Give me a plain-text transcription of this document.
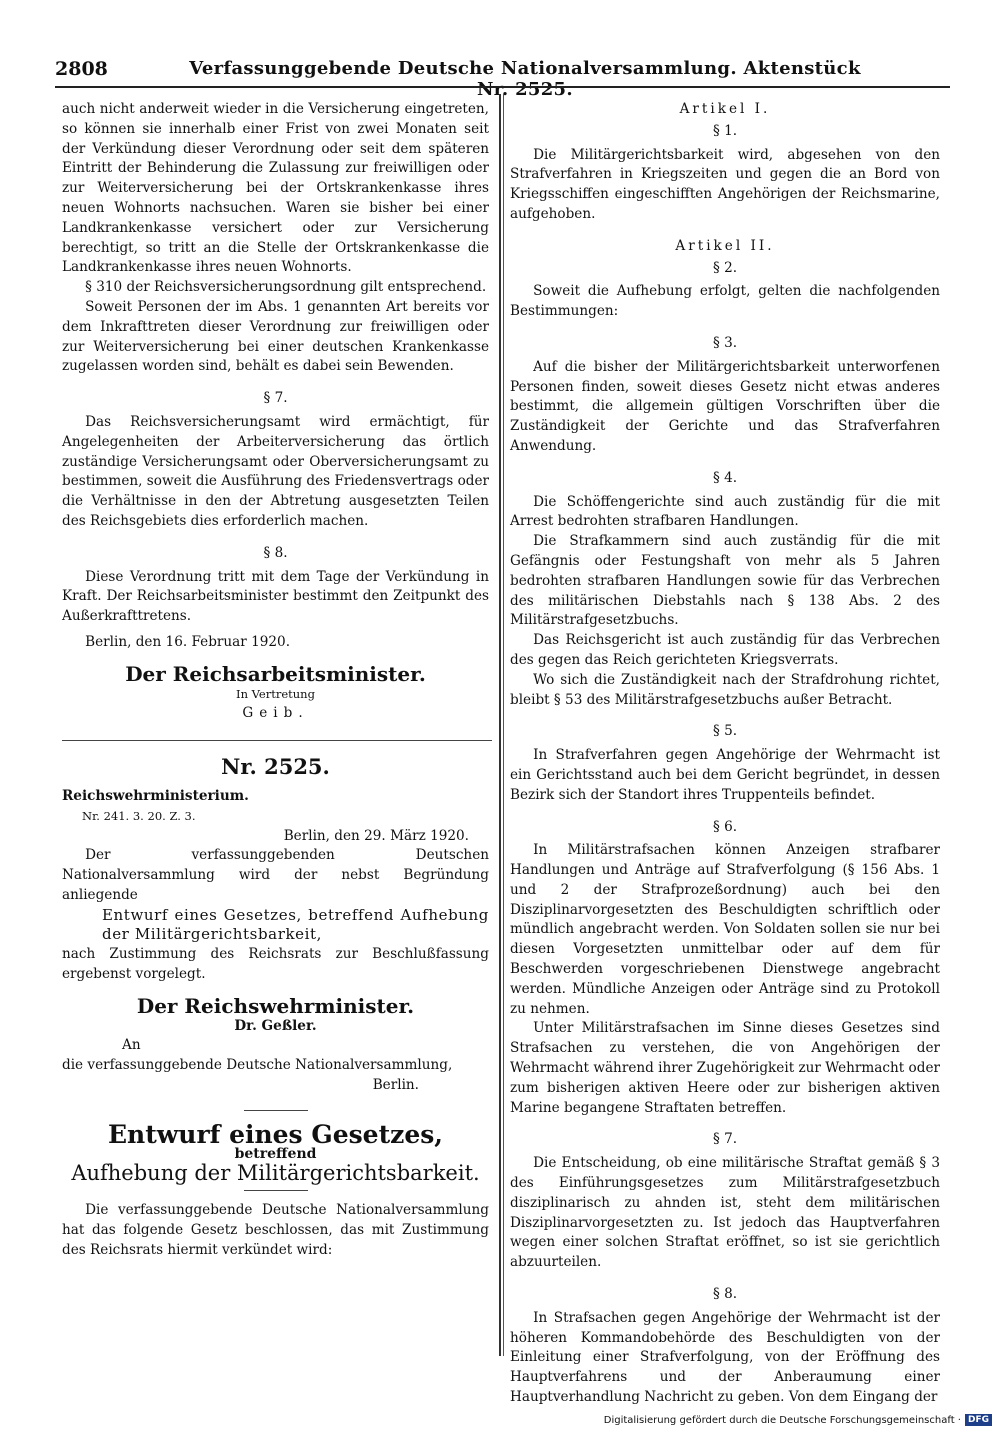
2808	Verfassunggebende Deutsche Nationalversammlung. Aktenstück Nr. 2525.

auch nicht anderweit wieder in die Versicherung eingetreten, so können sie innerhalb einer Frist von zwei Monaten seit der Verkündung dieser Verordnung oder seit dem späteren Eintritt der Behinderung die Zulassung zur freiwilligen oder zur Weiterversicherung bei der Ortskrankenkasse ihres neuen Wohnorts nachsuchen. Waren sie bisher bei einer Landkrankenkasse versichert oder zur Versicherung berechtigt, so tritt an die Stelle der Ortskrankenkasse die Landkrankenkasse ihres neuen Wohnorts.

§ 310 der Reichsversicherungsordnung gilt entsprechend.

Soweit Personen der im Abs. 1 genannten Art bereits vor dem Inkrafttreten dieser Verordnung zur freiwilligen oder zur Weiterversicherung bei einer deutschen Krankenkasse zugelassen worden sind, behält es dabei sein Bewenden.

§ 7.

Das Reichsversicherungsamt wird ermächtigt, für Angelegenheiten der Arbeiterversicherung das örtlich zuständige Versicherungsamt oder Oberversicherungsamt zu bestimmen, soweit die Ausführung des Friedensvertrags oder die Verhältnisse in den der Abtretung ausgesetzten Teilen des Reichsgebiets dies erforderlich machen.

§ 8.

Diese Verordnung tritt mit dem Tage der Verkündung in Kraft. Der Reichsarbeitsminister bestimmt den Zeitpunkt des Außerkrafttretens.

Berlin, den 16. Februar 1920.

Der Reichsarbeitsminister.
In Vertretung
Geib.
Nr. 2525.
Reichswehrministerium.
Nr. 241. 3. 20. Z. 3.
Berlin, den 29. März 1920.

Der verfassunggebenden Deutschen Nationalversammlung wird der nebst Begründung anliegende

Entwurf eines Gesetzes, betreffend Aufhebung der Militärgerichtsbarkeit,

nach Zustimmung des Reichsrats zur Beschlußfassung ergebenst vorgelegt.

Der Reichswehrminister.
Dr. Geßler.
An
die verfassunggebende Deutsche Nationalversammlung,
Berlin.
Entwurf eines Gesetzes,
betreffend
Aufhebung der Militärgerichtsbarkeit.

Die verfassunggebende Deutsche Nationalversammlung hat das folgende Gesetz beschlossen, das mit Zustimmung des Reichsrats hiermit verkündet wird:

Artikel I.
§ 1.

Die Militärgerichtsbarkeit wird, abgesehen von den Strafverfahren in Kriegszeiten und gegen die an Bord von Kriegsschiffen eingeschifften Angehörigen der Reichsmarine, aufgehoben.

Artikel II.
§ 2.

Soweit die Aufhebung erfolgt, gelten die nachfolgenden Bestimmungen:

§ 3.

Auf die bisher der Militärgerichtsbarkeit unterworfenen Personen finden, soweit dieses Gesetz nicht etwas anderes bestimmt, die allgemein gültigen Vorschriften über die Zuständigkeit der Gerichte und das Strafverfahren Anwendung.

§ 4.

Die Schöffengerichte sind auch zuständig für die mit Arrest bedrohten strafbaren Handlungen.

Die Strafkammern sind auch zuständig für die mit Gefängnis oder Festungshaft von mehr als 5 Jahren bedrohten strafbaren Handlungen sowie für das Verbrechen des militärischen Diebstahls nach § 138 Abs. 2 des Militärstrafgesetzbuchs.

Das Reichsgericht ist auch zuständig für das Verbrechen des gegen das Reich gerichteten Kriegsverrats.

Wo sich die Zuständigkeit nach der Strafdrohung richtet, bleibt § 53 des Militärstrafgesetzbuchs außer Betracht.

§ 5.

In Strafverfahren gegen Angehörige der Wehrmacht ist ein Gerichtsstand auch bei dem Gericht begründet, in dessen Bezirk sich der Standort ihres Truppenteils befindet.

§ 6.

In Militärstrafsachen können Anzeigen strafbarer Handlungen und Anträge auf Strafverfolgung (§ 156 Abs. 1 und 2 der Strafprozeßordnung) auch bei den Disziplinarvorgesetzten des Beschuldigten schriftlich oder mündlich angebracht werden. Von Soldaten sollen sie nur bei diesen Vorgesetzten unmittelbar oder auf dem für Beschwerden vorgeschriebenen Dienstwege angebracht werden. Mündliche Anzeigen oder Anträge sind zu Protokoll zu nehmen.

Unter Militärstrafsachen im Sinne dieses Gesetzes sind Strafsachen zu verstehen, die von Angehörigen der Wehrmacht während ihrer Zugehörigkeit zur Wehrmacht oder zum bisherigen aktiven Heere oder zur bisherigen aktiven Marine begangene Straftaten betreffen.

§ 7.

Die Entscheidung, ob eine militärische Straftat gemäß § 3 des Einführungsgesetzes zum Militärstrafgesetzbuch disziplinarisch zu ahnden ist, steht dem militärischen Disziplinarvorgesetzten zu. Ist jedoch das Hauptverfahren wegen einer solchen Straftat eröffnet, so ist sie gerichtlich abzuurteilen.

§ 8.

In Strafsachen gegen Angehörige der Wehrmacht ist der höheren Kommandobehörde des Beschuldigten von der Einleitung einer Strafverfolgung, von der Eröffnung des Hauptverfahrens und der Anberaumung einer Hauptverhandlung Nachricht zu geben. Von dem Eingang der

Digitalisierung gefördert durch die Deutsche Forschungsgemeinschaft · DFG
